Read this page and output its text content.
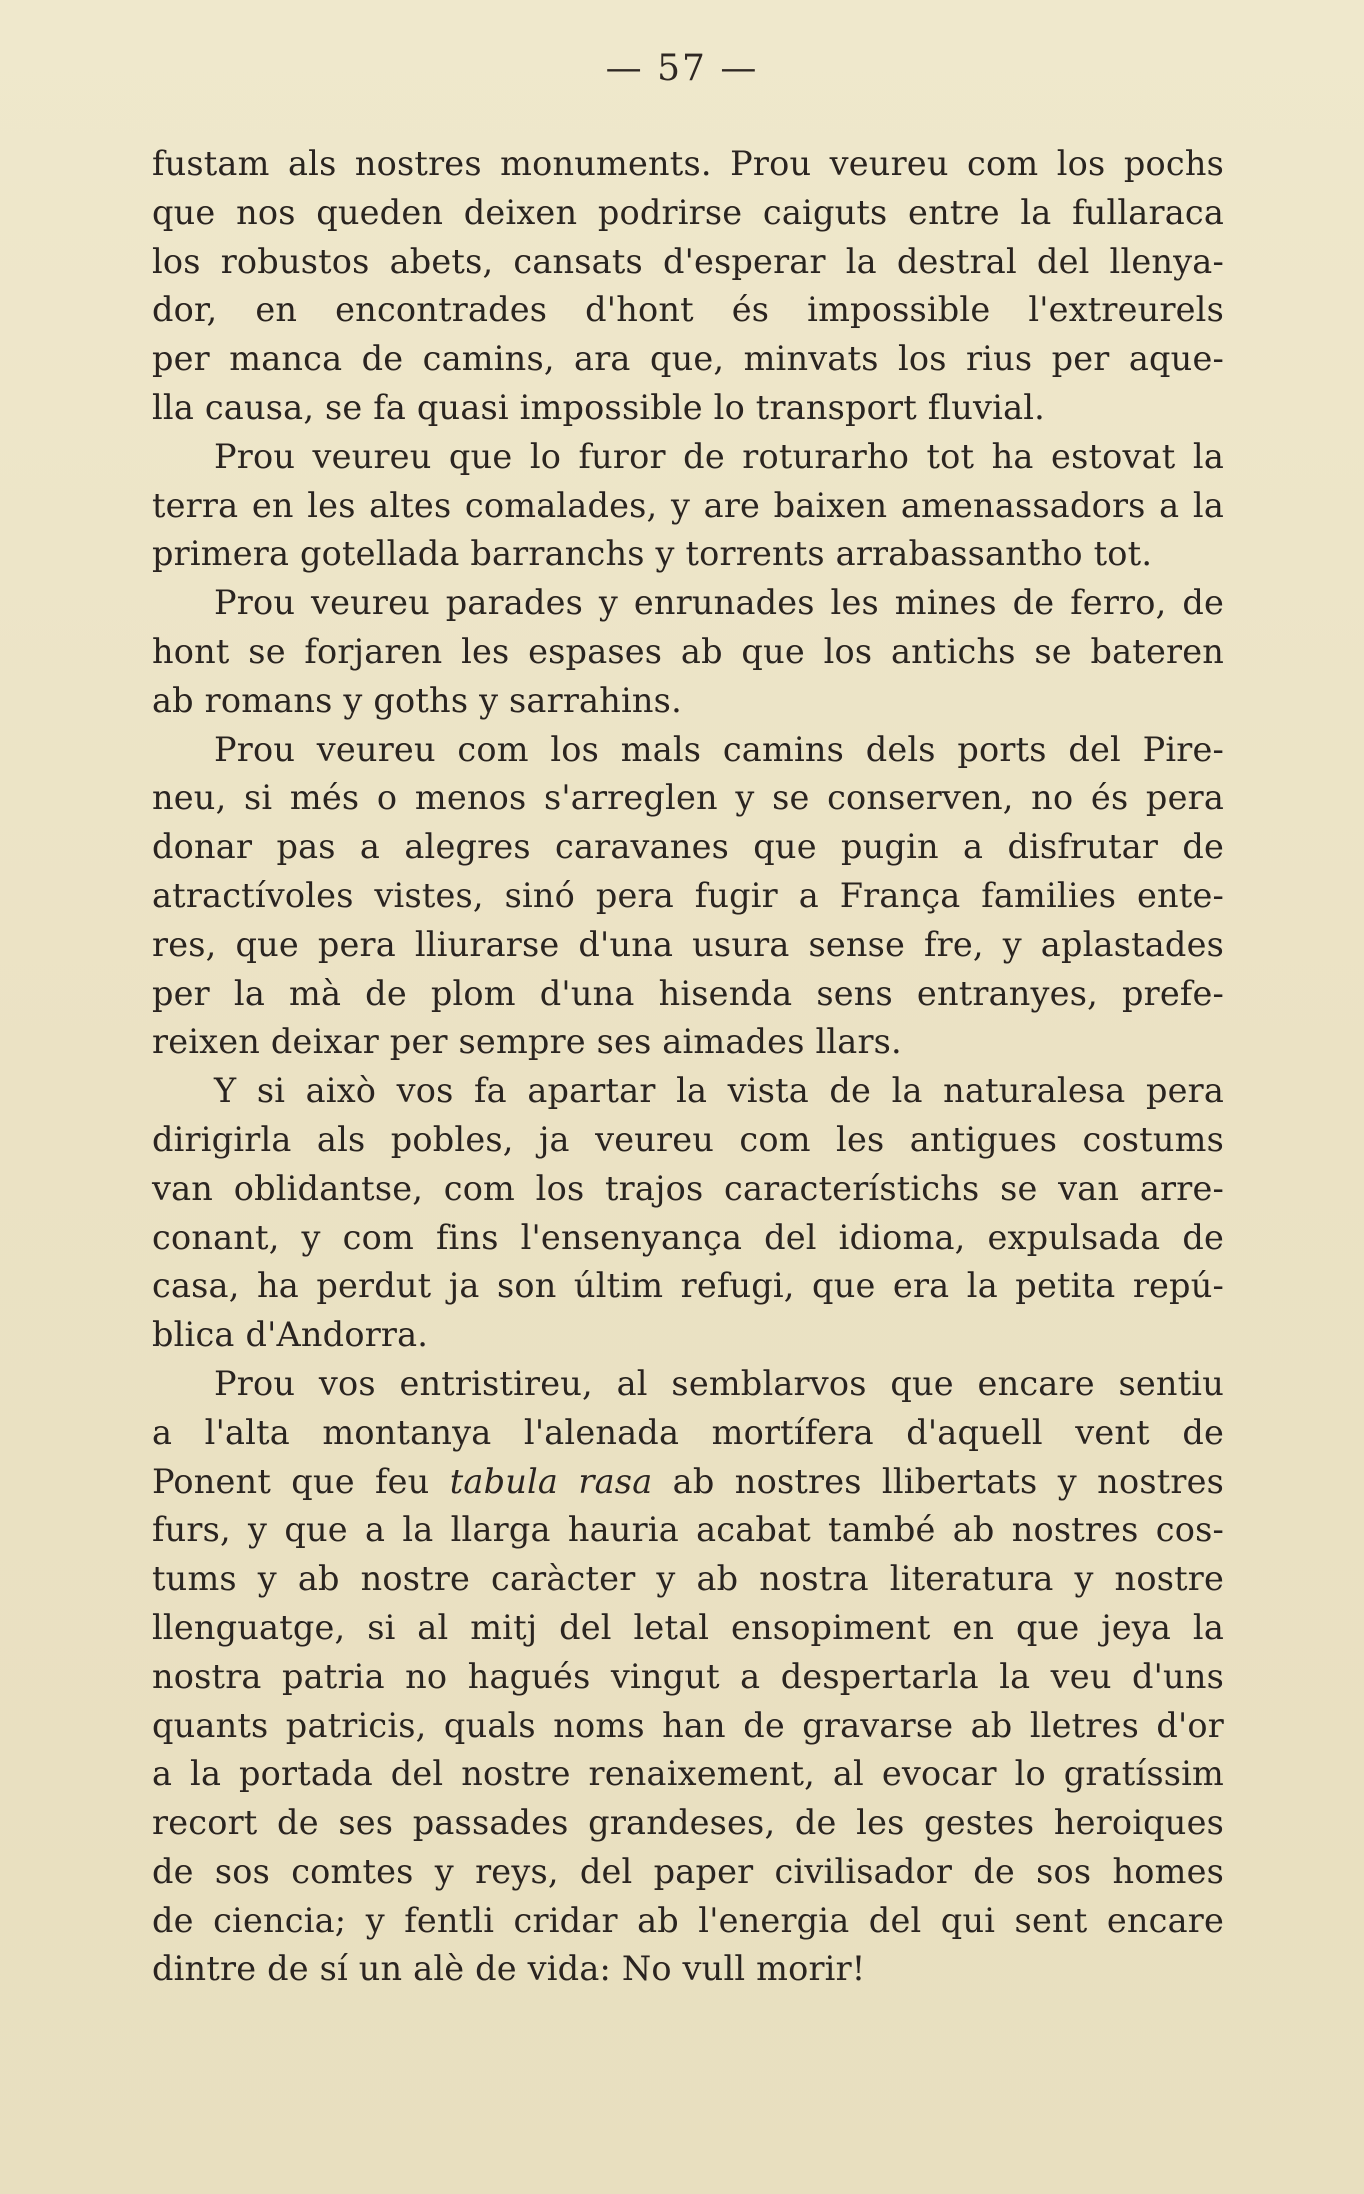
— 57 —
fustam als nostres monuments. Prou veureu com los pochs
que nos queden deixen podrirse caiguts entre la fullaraca
los robustos abets, cansats d'esperar la destral del llenya-
dor, en encontrades d'hont és impossible l'extreurels
per manca de camins, ara que, minvats los rius per aque-
lla causa, se fa quasi impossible lo transport fluvial.
Prou veureu que lo furor de roturarho tot ha estovat la
terra en les altes comalades, y are baixen amenassadors a la
primera gotellada barranchs y torrents arrabassantho tot.
Prou veureu parades y enrunades les mines de ferro, de
hont se forjaren les espases ab que los antichs se bateren
ab romans y goths y sarrahins.
Prou veureu com los mals camins dels ports del Pire-
neu, si més o menos s'arreglen y se conserven, no és pera
donar pas a alegres caravanes que pugin a disfrutar de
atractívoles vistes, sinó pera fugir a França families ente-
res, que pera lliurarse d'una usura sense fre, y aplastades
per la mà de plom d'una hisenda sens entranyes, prefe-
reixen deixar per sempre ses aimades llars.
Y si això vos fa apartar la vista de la naturalesa pera
dirigirla als pobles, ja veureu com les antigues costums
van oblidantse, com los trajos característichs se van arre-
conant, y com fins l'ensenyança del idioma, expulsada de
casa, ha perdut ja son últim refugi, que era la petita repú-
blica d'Andorra.
Prou vos entristireu, al semblarvos que encare sentiu
a l'alta montanya l'alenada mortífera d'aquell vent de
Ponent que feu tabula rasa ab nostres llibertats y nostres
furs, y que a la llarga hauria acabat també ab nostres cos-
tums y ab nostre caràcter y ab nostra literatura y nostre
llenguatge, si al mitj del letal ensopiment en que jeya la
nostra patria no hagués vingut a despertarla la veu d'uns
quants patricis, quals noms han de gravarse ab lletres d'or
a la portada del nostre renaixement, al evocar lo gratíssim
recort de ses passades grandeses, de les gestes heroiques
de sos comtes y reys, del paper civilisador de sos homes
de ciencia; y fentli cridar ab l'energia del qui sent encare
dintre de sí un alè de vida: No vull morir!
